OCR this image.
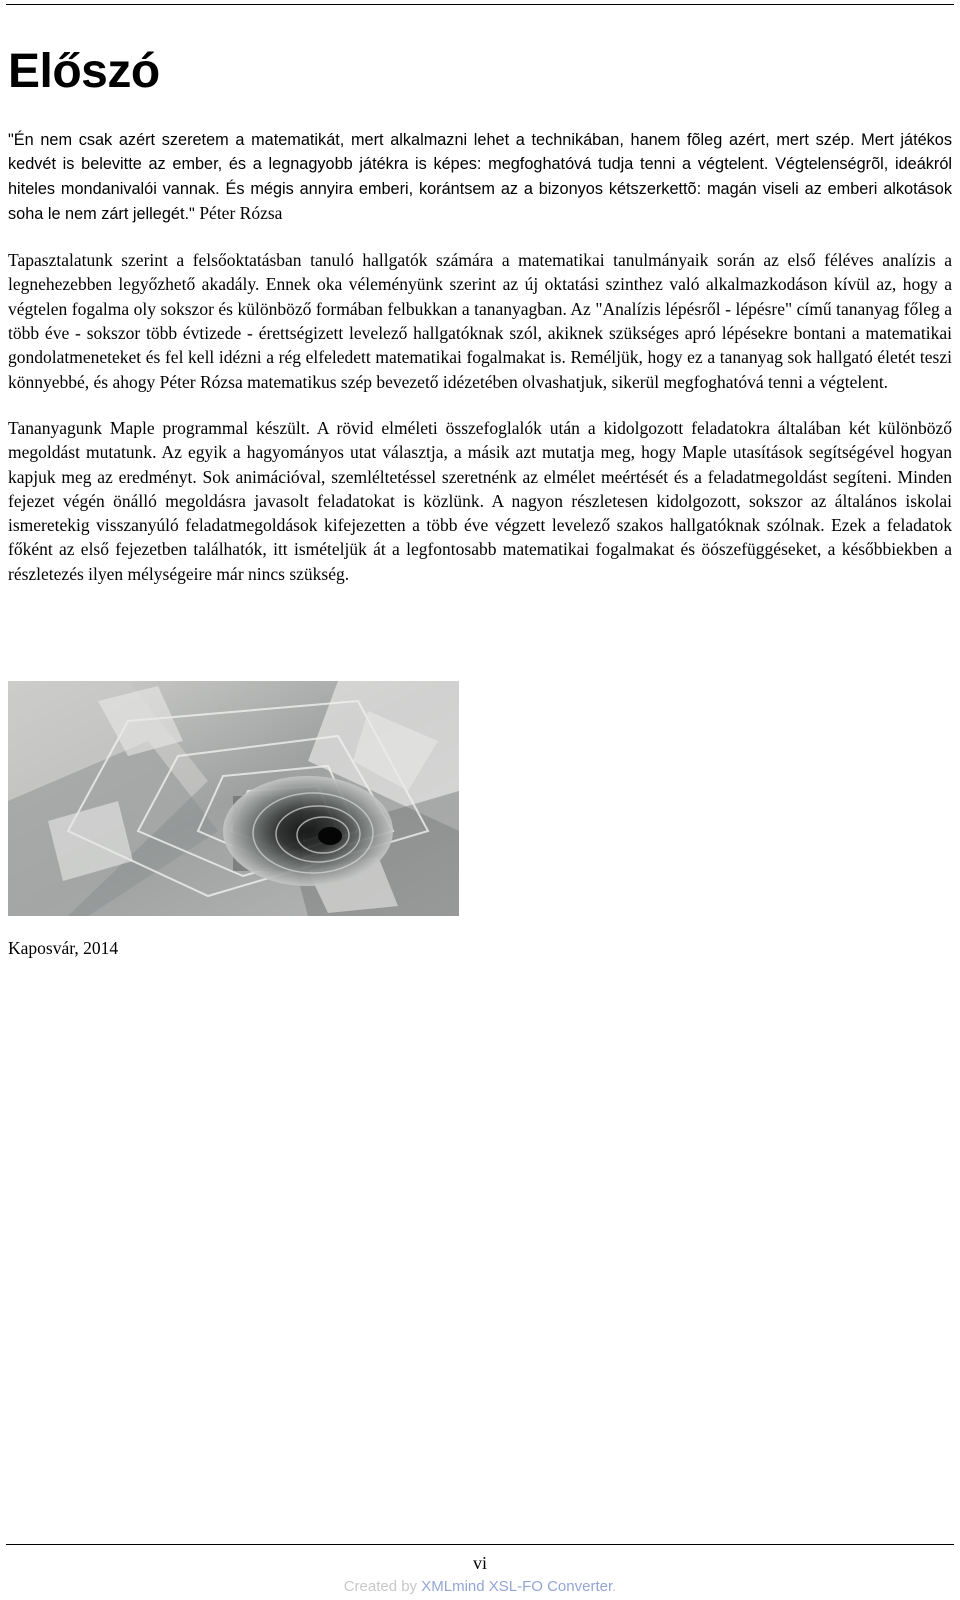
Előszó

"Én nem csak azért szeretem a matematikát, mert alkalmazni lehet a technikában, hanem fõleg azért, mert szép. Mert játékos kedvét is belevitte az ember, és a legnagyobb játékra is képes: megfoghatóvá tudja tenni a végtelent. Végtelenségrõl, ideákról hiteles mondanivalói vannak. És mégis annyira emberi, korántsem az a bizonyos kétszerkettõ: magán viseli az emberi alkotások soha le nem zárt jellegét." Péter Rózsa

Tapasztalatunk szerint a felsőoktatásban tanuló hallgatók számára a matematikai tanulmányaik során az első féléves analízis a legnehezebben legyőzhető akadály. Ennek oka véleményünk szerint az új oktatási szinthez való alkalmazkodáson kívül az, hogy a végtelen fogalma oly sokszor és különböző formában felbukkan a tananyagban. Az "Analízis lépésről - lépésre" című tananyag főleg a több éve - sokszor több évtizede - érettségizett levelező hallgatóknak szól, akiknek szükséges apró lépésekre bontani a matematikai gondolatmeneteket és fel kell idézni a rég elfeledett matematikai fogalmakat is. Reméljük, hogy ez a tananyag sok hallgató életét teszi könnyebbé, és ahogy Péter Rózsa matematikus szép bevezető idézetében olvashatjuk, sikerül megfoghatóvá tenni a végtelent.

Tananyagunk Maple programmal készült. A rövid elméleti összefoglalók után a kidolgozott feladatokra általában két különböző megoldást mutatunk. Az egyik a hagyományos utat választja, a másik azt mutatja meg, hogy Maple utasítások segítségével hogyan kapjuk meg az eredményt. Sok animációval, szemléltetéssel szeretnénk az elmélet meértését és a feladatmegoldást segíteni. Minden fejezet végén önálló megoldásra javasolt feladatokat is közlünk. A nagyon részletesen kidolgozott, sokszor az általános iskolai ismeretekig visszanyúló feladatmegoldások kifejezetten a több éve végzett levelező szakos hallgatóknak szólnak. Ezek a feladatok főként az első fejezetben találhatók, itt ismételjük át a legfontosabb matematikai fogalmakat és öószefüggéseket, a későbbiekben a részletezés ilyen mélységeire már nincs szükség.

Kaposvár, 2014
vi
Created by XMLmind XSL-FO Converter.
